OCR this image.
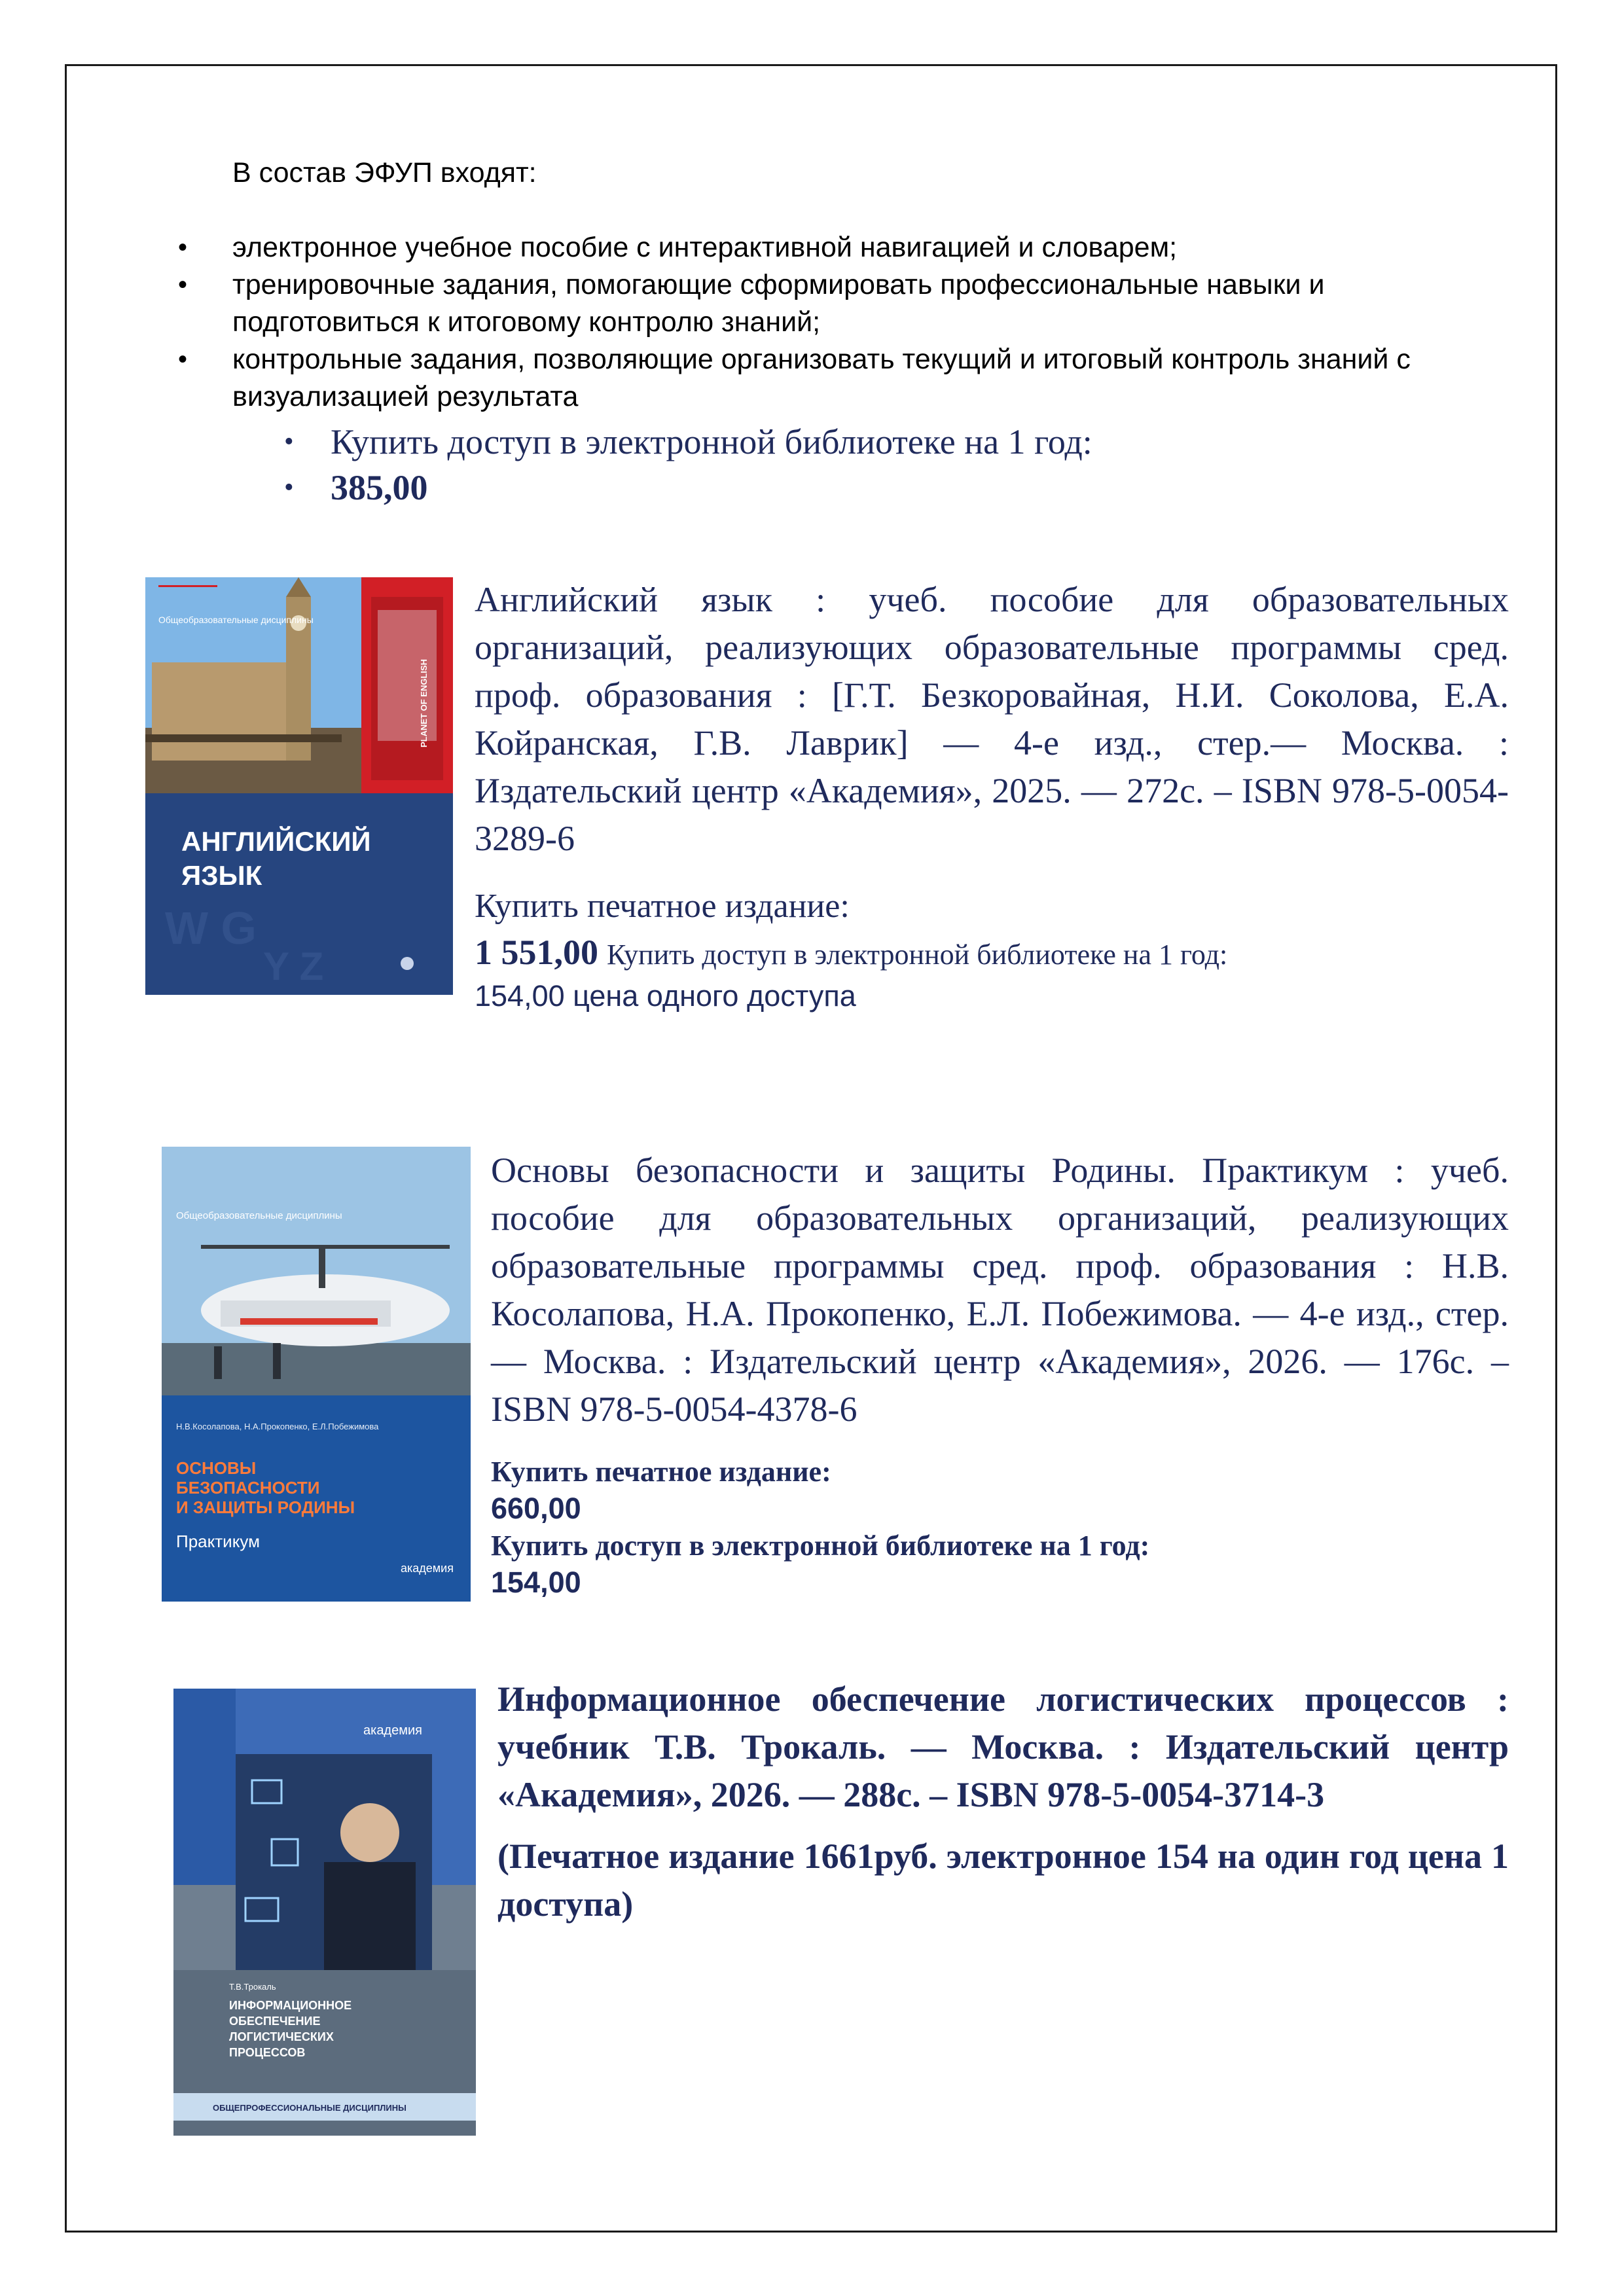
В состав ЭФУП входят:
• электронное учебное пособие с интерактивной навигацией и словарем;
• тренировочные задания, помогающие сформировать профессиональные навыки и подготовиться к итоговому контролю знаний;
• контрольные задания, позволяющие организовать текущий и итоговый контроль знаний с визуализацией результата
• Купить доступ в электронной библиотеке на 1 год:
• 385,00
PLANET OF ENGLISH
Общеобразовательные дисциплины
АНГЛИЙСКИЙ
ЯЗЫК
W G
Y Z
Английский язык : учеб. пособие для образовательных организаций, реализующих образовательные программы сред. проф. образования : [Г.Т. Безкоровайная, Н.И. Соколова, Е.А. Койранская, Г.В. Лаврик] — 4-е изд., стер.— Москва. : Издательский центр «Академия», 2025. — 272с. – ISBN 978-5-0054-3289-6
Купить печатное издание:
1 551,00 Купить доступ в электронной библиотеке на 1 год:
154,00 цена одного доступа
Общеобразовательные дисциплины
Н.В.Косолапова, Н.А.Прокопенко, Е.Л.Побежимова
ОСНОВЫ
БЕЗОПАСНОСТИ
И ЗАЩИТЫ РОДИНЫ
Практикум
академия
Основы безопасности и защиты Родины. Практикум : учеб. пособие для образовательных организаций, реализующих образовательные программы сред. проф. образования : Н.В. Косолапова, Н.А. Прокопенко, Е.Л. Побежимова. — 4-е изд., стер.— Москва. : Издательский центр «Академия», 2026. — 176с. – ISBN 978-5-0054-4378-6
Купить печатное издание:
660,00
Купить доступ в электронной библиотеке на 1 год:
154,00
академия
Т.В.Трокаль
ИНФОРМАЦИОННОЕ
ОБЕСПЕЧЕНИЕ
ЛОГИСТИЧЕСКИХ
ПРОЦЕССОВ
ОБЩЕПРОФЕССИОНАЛЬНЫЕ ДИСЦИПЛИНЫ
Информационное обеспечение логистических процессов : учебник Т.В. Трокаль. — Москва. : Издательский центр «Академия», 2026. — 288с. – ISBN 978-5-0054-3714-3
(Печатное издание 1661руб. электронное 154 на один год цена 1 доступа)
